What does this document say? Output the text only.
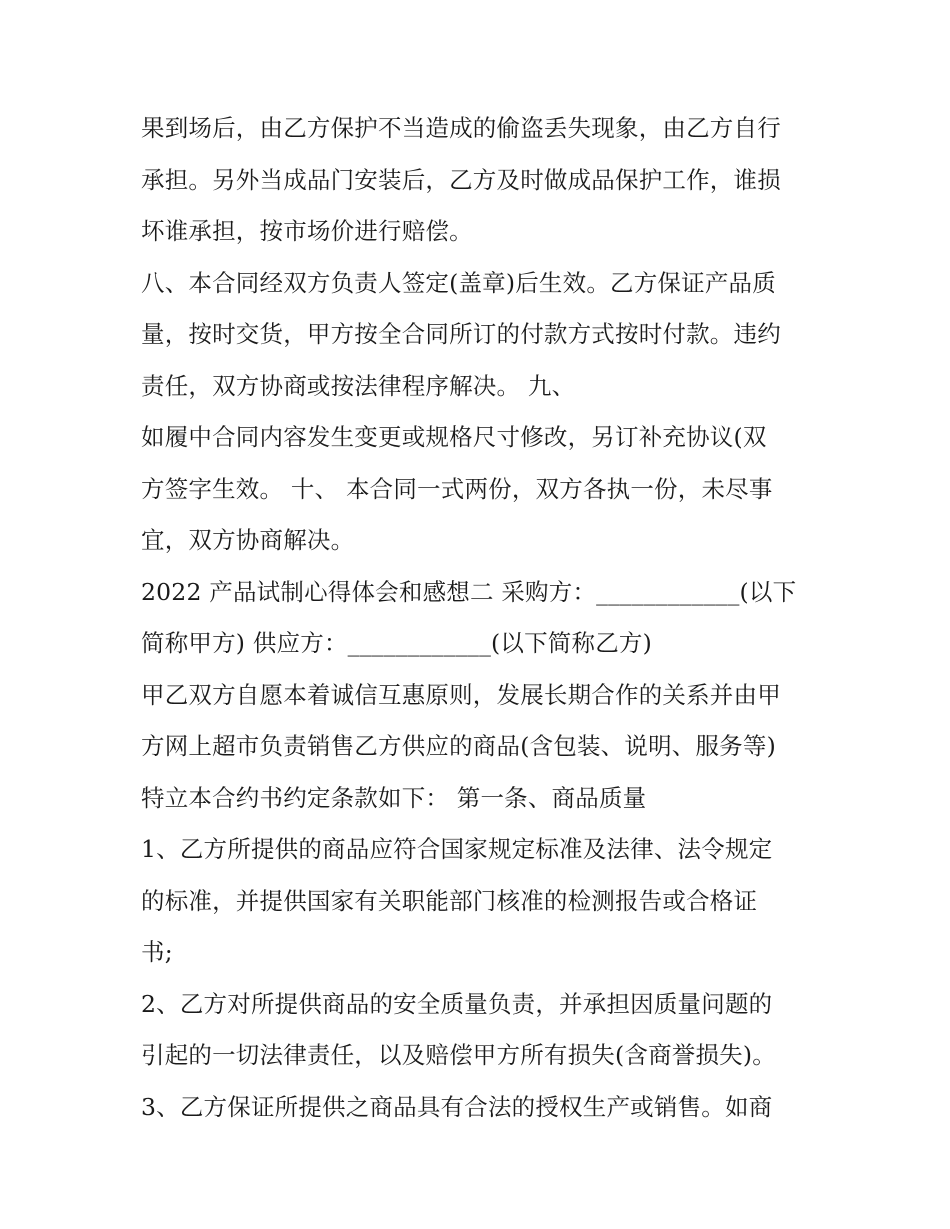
果到场后，由乙方保护不当造成的偷盗丢失现象，由乙方自行
承担。另外当成品门安装后，乙方及时做成品保护工作，谁损
坏谁承担，按市场价进行赔偿。
八、本合同经双方负责人签定(盖章)后生效。乙方保证产品质
量，按时交货，甲方按全合同所订的付款方式按时付款。违约
责任，双方协商或按法律程序解决。 九、
如履中合同内容发生变更或规格尺寸修改，另订补充协议(双
方签字生效。 十、 本合同一式两份，双方各执一份，未尽事
宜，双方协商解决。
2022 产品试制心得体会和感想二 采购方：____________(以下
简称甲方) 供应方：____________(以下简称乙方)
甲乙双方自愿本着诚信互惠原则，发展长期合作的关系并由甲
方网上超市负责销售乙方供应的商品(含包装、说明、服务等)
特立本合约书约定条款如下： 第一条、商品质量
1、乙方所提供的商品应符合国家规定标准及法律、法令规定
的标准，并提供国家有关职能部门核准的检测报告或合格证
书;
2、乙方对所提供商品的安全质量负责，并承担因质量问题的
引起的一切法律责任，以及赔偿甲方所有损失(含商誉损失)。
3、乙方保证所提供之商品具有合法的授权生产或销售。如商
